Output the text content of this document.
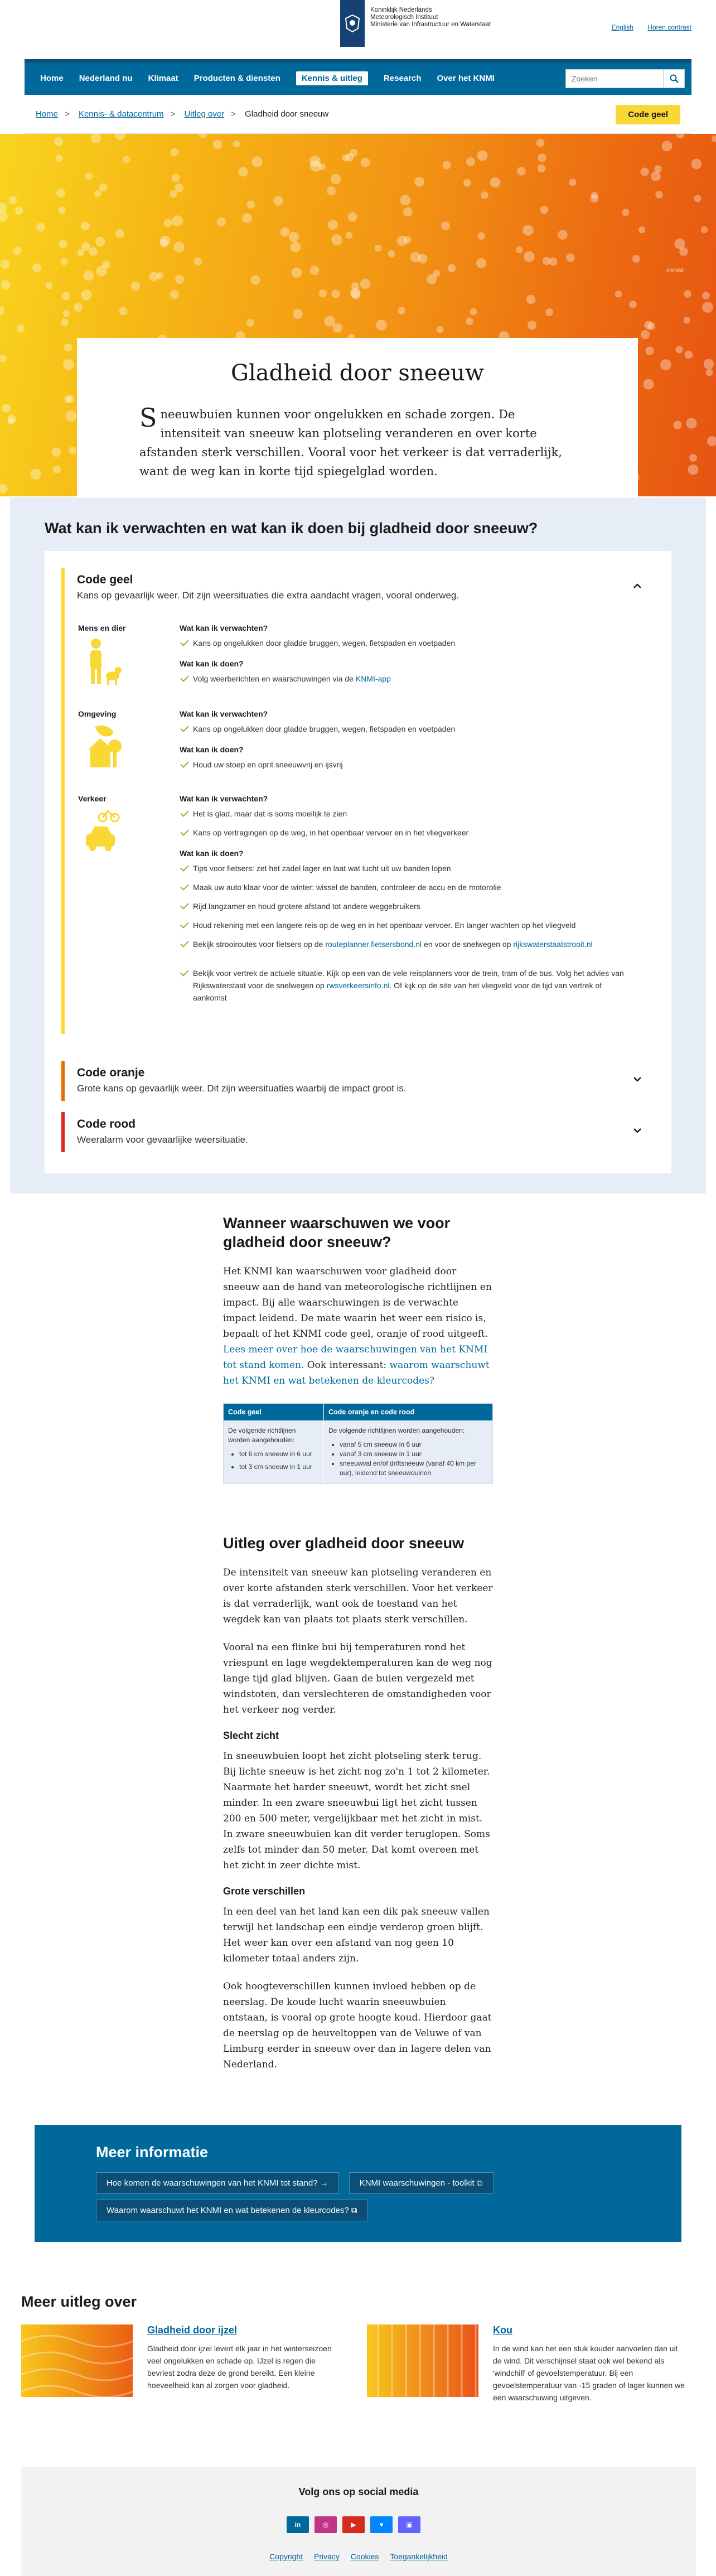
Koninklijk Nederlands
Meteorologisch Instituut
Ministerie van Infrastructuur en Waterstaat	English Horen contrast
Home Nederland nu Klimaat Producten & diensten	Kennis & uitleg	Research Over het KNMI	Zoeken
Home > Kennis- & datacentrum > Uitleg over > Gladheid door sneeuw	Code geel
© KNMI
Gladheid door sneeuw

Sneeuwbuien kunnen voor ongelukken en schade zorgen. De intensiteit van sneeuw kan plotseling veranderen en over korte afstanden sterk verschillen. Vooral voor het verkeer is dat verraderlijk, want de weg kan in korte tijd spiegelglad worden.

Wat kan ik verwachten en wat kan ik doen bij gladheid door sneeuw?
Code geel
Kans op gevaarlijk weer. Dit zijn weersituaties die extra aandacht vragen, vooral onderweg.
Mens en dier	Wat kan ik verwachten?
Kans op ongelukken door gladde bruggen, wegen, fietspaden en voetpaden
Wat kan ik doen?
Volg weerberichten en waarschuwingen via de KNMI-app
Omgeving	Wat kan ik verwachten?
Kans op ongelukken door gladde bruggen, wegen, fietspaden en voetpaden
Wat kan ik doen?
Houd uw stoep en oprit sneeuwvrij en ijsvrij
Verkeer	Wat kan ik verwachten?
Het is glad, maar dat is soms moeilijk te zien
Kans op vertragingen op de weg, in het openbaar vervoer en in het vliegverkeer
Wat kan ik doen?
Tips voor fietsers: zet het zadel lager en laat wat lucht uit uw banden lopen
Maak uw auto klaar voor de winter: wissel de banden, controleer de accu en de motorolie
Rijd langzamer en houd grotere afstand tot andere weggebruikers
Houd rekening met een langere reis op de weg en in het openbaar vervoer. En langer wachten op het vliegveld
Bekijk strooiroutes voor fietsers op de routeplanner.fietsersbond.nl en voor de snelwegen op rijkswaterstaatstrooit.nl
Bekijk voor vertrek de actuele situatie. Kijk op een van de vele reisplanners voor de trein, tram of de bus. Volg het advies van Rijkswaterstaat voor de snelwegen op rwsverkeersinfo.nl. Of kijk op de site van het vliegveld voor de tijd van vertrek of aankomst
Code oranje
Grote kans op gevaarlijk weer. Dit zijn weersituaties waarbij de impact groot is.
Code rood
Weeralarm voor gevaarlijke weersituatie.
Wanneer waarschuwen we voor gladheid door sneeuw?

Het KNMI kan waarschuwen voor gladheid door sneeuw aan de hand van meteorologische richtlijnen en impact. Bij alle waarschuwingen is de verwachte impact leidend. De mate waarin het weer een risico is, bepaalt of het KNMI code geel, oranje of rood uitgeeft. Lees meer over hoe de waarschuwingen van het KNMI tot stand komen. Ook interessant: waarom waarschuwt het KNMI en wat betekenen de kleurcodes?

Code geel	Code oranje en code rood
De volgende richtlijnen worden aangehouden:
• tot 6 cm sneeuw in 6 uur
• tot 3 cm sneeuw in 1 uur
De volgende richtlijnen worden aangehouden:
• vanaf 5 cm sneeuw in 6 uur
• vanaf 3 cm sneeuw in 1 uur
• sneeuwval en/of driftsneeuw (vanaf 40 km per uur), leidend tot sneeuwduinen
Uitleg over gladheid door sneeuw

De intensiteit van sneeuw kan plotseling veranderen en over korte afstanden sterk verschillen. Voor het verkeer is dat verraderlijk, want ook de toestand van het wegdek kan van plaats tot plaats sterk verschillen.

Vooral na een flinke bui bij temperaturen rond het vriespunt en lage wegdektemperaturen kan de weg nog lange tijd glad blijven. Gaan de buien vergezeld met windstoten, dan verslechteren de omstandigheden voor het verkeer nog verder.

Slecht zicht

In sneeuwbuien loopt het zicht plotseling sterk terug. Bij lichte sneeuw is het zicht nog zo'n 1 tot 2 kilometer. Naarmate het harder sneeuwt, wordt het zicht snel minder. In een zware sneeuwbui ligt het zicht tussen 200 en 500 meter, vergelijkbaar met het zicht in mist. In zware sneeuwbuien kan dit verder teruglopen. Soms zelfs tot minder dan 50 meter. Dat komt overeen met het zicht in zeer dichte mist.

Grote verschillen

In een deel van het land kan een dik pak sneeuw vallen terwijl het landschap een eindje verderop groen blijft. Het weer kan over een afstand van nog geen 10 kilometer totaal anders zijn.

Ook hoogteverschillen kunnen invloed hebben op de neerslag. De koude lucht waarin sneeuwbuien ontstaan, is vooral op grote hoogte koud. Hierdoor gaat de neerslag op de heuveltoppen van de Veluwe of van Limburg eerder in sneeuw over dan in lagere delen van Nederland.

Meer informatie
Hoe komen de waarschuwingen van het KNMI tot stand? →	KNMI waarschuwingen - toolkit ⧉
Waarom waarschuwt het KNMI en wat betekenen de kleurcodes? ⧉
Meer uitleg over
Gladheid door ijzel
Gladheid door ijzel levert elk jaar in het winterseizoen veel ongelukken en schade op. IJzel is regen die bevriest zodra deze de grond bereikt. Een kleine hoeveelheid kan al zorgen voor gladheid.
Kou
In de wind kan het een stuk kouder aanvoelen dan uit de wind. Dit verschijnsel staat ook wel bekend als 'windchill' of gevoelstemperatuur. Bij een gevoelstemperatuur van -15 graden of lager kunnen we een waarschuwing uitgeven.
Volg ons op social media
in	◎	▶	♥	▣
Copyright Privacy Cookies Toegankelijkheid
